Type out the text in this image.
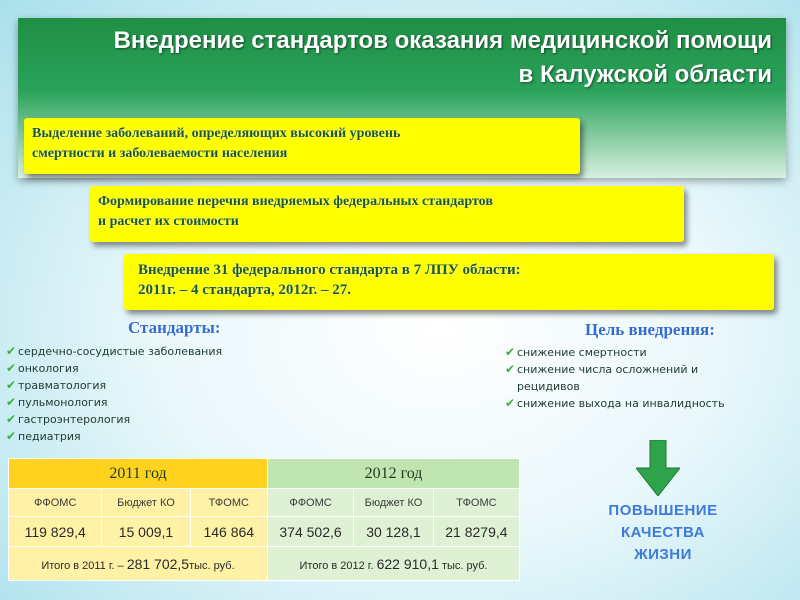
Внедрение стандартов оказания медицинской помощи
в Калужской области
Выделение заболеваний, определяющих высокий уровень
смертности и заболеваемости населения
Формирование перечня внедряемых федеральных стандартов
и расчет их стоимости
Внедрение 31 федерального стандарта в 7 ЛПУ области:
2011г. – 4 стандарта, 2012г. – 27.
Стандарты:
✔ сердечно-сосудистые заболевания
✔ онкология
✔ травматология
✔ пульмонология
✔ гастроэнтерология
✔ педиатрия
Цель внедрения:
✔ снижение смертности
✔ снижение числа осложнений и
рецидивов
✔ снижение выхода на инвалидность
2011 год			2012 год		
ФФОМС	Бюджет КО	ТФОМС	ФФОМС	Бюджет КО	ТФОМС
119 829,4	15 009,1	146 864	374 502,6	30 128,1	21 8279,4
Итого в 2011 г. – 281 702,5тыс. руб.			Итого в 2012 г. 622 910,1 тыс. руб.		
ПОВЫШЕНИЕ
КАЧЕСТВА
ЖИЗНИ
